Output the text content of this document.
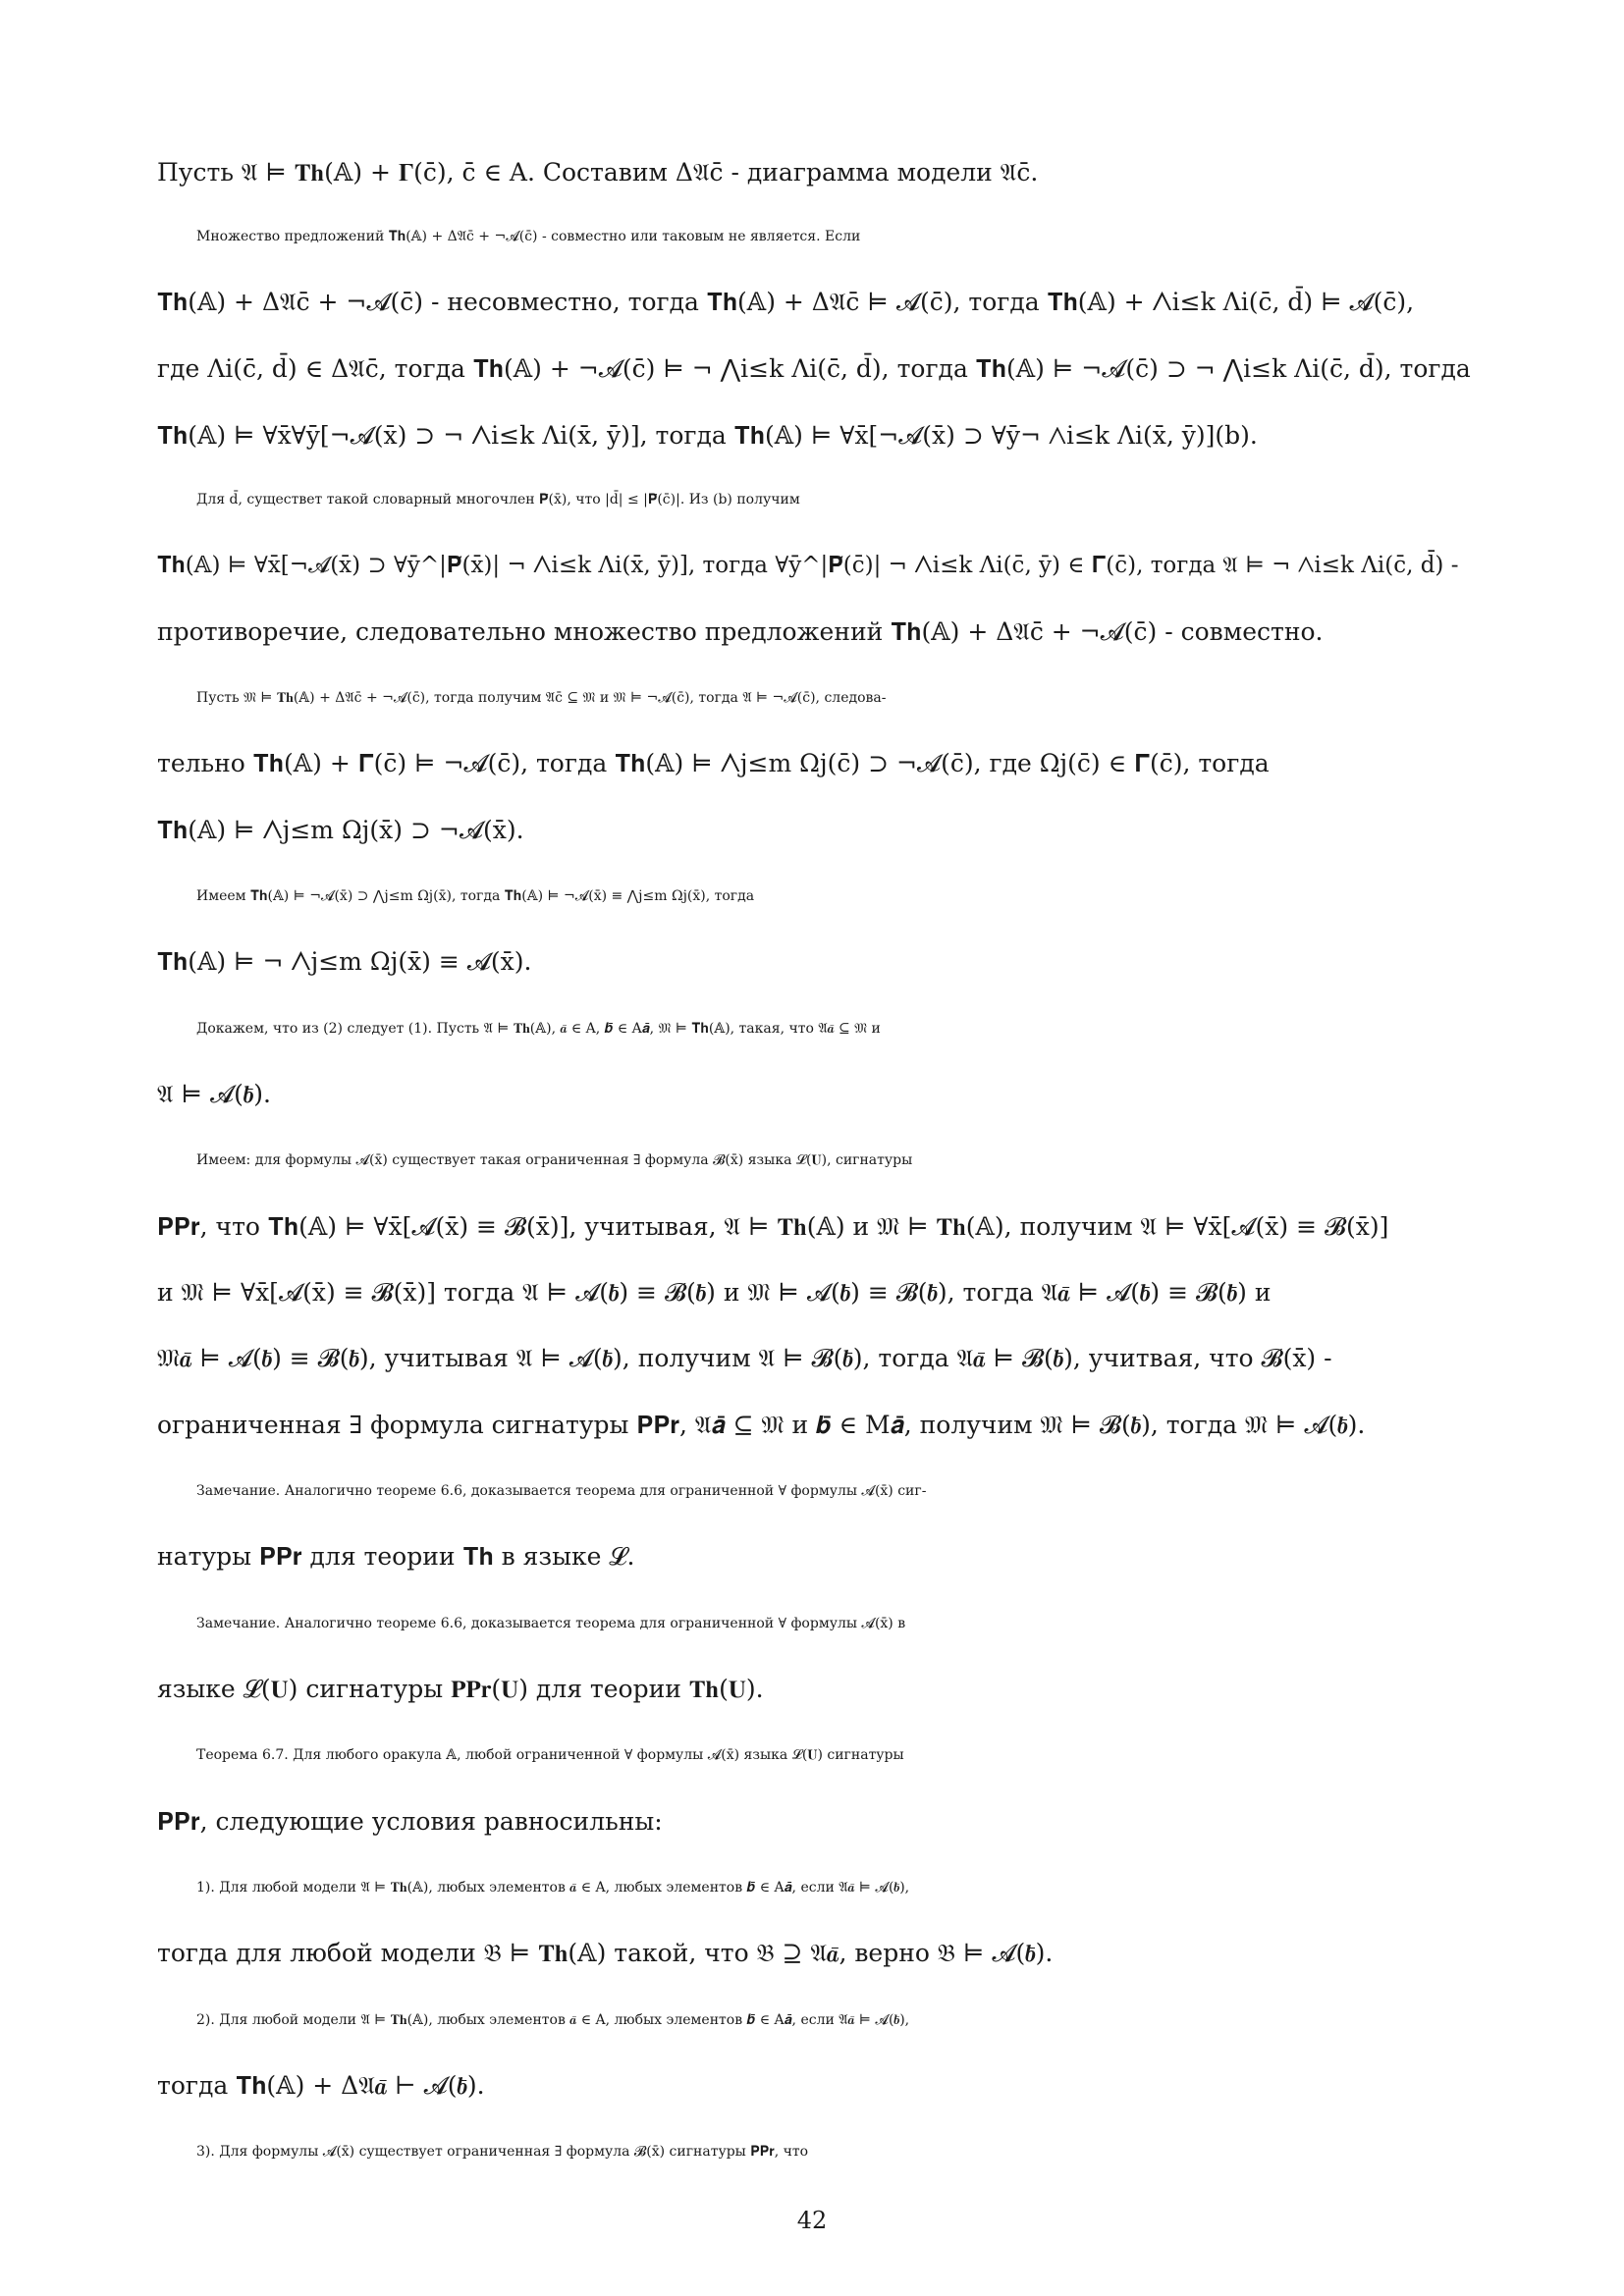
Пусть 𝔄 ⊨ 𝐓𝐡(𝔸) + 𝚪(c̄), c̄ ∈ A. Составим Δ𝔄c̄ - диаграмма модели 𝔄c̄.
Множество предложений 𝐓𝐡(𝔸) + Δ𝔄c̄ + ¬𝓐(c̄) - совместно или таковым не является. Если
𝐓𝐡(𝔸) + Δ𝔄c̄ + ¬𝓐(c̄) - несовместно, тогда 𝐓𝐡(𝔸) + Δ𝔄c̄ ⊨ 𝓐(c̄), тогда 𝐓𝐡(𝔸) + ⋀i≤k Λi(c̄, d̄) ⊨ 𝓐(c̄),
где Λi(c̄, d̄) ∈ Δ𝔄c̄, тогда 𝐓𝐡(𝔸) + ¬𝓐(c̄) ⊨ ¬ ⋀i≤k Λi(c̄, d̄), тогда 𝐓𝐡(𝔸) ⊨ ¬𝓐(c̄) ⊃ ¬ ⋀i≤k Λi(c̄, d̄), тогда
𝐓𝐡(𝔸) ⊨ ∀x̄∀ȳ[¬𝓐(x̄) ⊃ ¬ ⋀i≤k Λi(x̄, ȳ)], тогда 𝐓𝐡(𝔸) ⊨ ∀x̄[¬𝓐(x̄) ⊃ ∀ȳ¬ ⋀i≤k Λi(x̄, ȳ)](b).
Для d̄, существет такой словарный многочлен 𝐏̃(x̄), что |d̄| ≤ |𝐏̃(c̄)|. Из (b) получим
𝐓𝐡(𝔸) ⊨ ∀x̄[¬𝓐(x̄) ⊃ ∀ȳ^|𝐏̃(x̄)| ¬ ⋀i≤k Λi(x̄, ȳ)], тогда ∀ȳ^|𝐏̃(c̄)| ¬ ⋀i≤k Λi(c̄, ȳ) ∈ 𝚪(c̄), тогда 𝔄 ⊨ ¬ ⋀i≤k Λi(c̄, d̄) -
противоречие, следовательно множество предложений 𝐓𝐡(𝔸) + Δ𝔄c̄ + ¬𝓐(c̄) - совместно.
Пусть 𝔐 ⊨ 𝐓𝐡(𝔸) + Δ𝔄c̄ + ¬𝓐(c̄), тогда получим 𝔄c̄ ⊆ 𝔐 и 𝔐 ⊨ ¬𝓐(c̄), тогда 𝔄 ⊨ ¬𝓐(c̄), следова-
тельно 𝐓𝐡(𝔸) + 𝚪(c̄) ⊨ ¬𝓐(c̄), тогда 𝐓𝐡(𝔸) ⊨ ⋀j≤m Ωj(c̄) ⊃ ¬𝓐(c̄), где Ωj(c̄) ∈ 𝚪(c̄), тогда
𝐓𝐡(𝔸) ⊨ ⋀j≤m Ωj(x̄) ⊃ ¬𝓐(x̄).
Имеем 𝐓𝐡(𝔸) ⊨ ¬𝓐(x̄) ⊃ ⋀j≤m Ωj(x̄), тогда 𝐓𝐡(𝔸) ⊨ ¬𝓐(x̄) ≡ ⋀j≤m Ωj(x̄), тогда
𝐓𝐡(𝔸) ⊨ ¬ ⋀j≤m Ωj(x̄) ≡ 𝓐(x̄).
Докажем, что из (2) следует (1). Пусть 𝔄 ⊨ 𝐓𝐡(𝔸), 𝒂̄ ∈ A, 𝒃̄ ∈ A𝒂̄, 𝔐 ⊨ 𝐓𝐡(𝔸), такая, что 𝔄𝒂̄ ⊆ 𝔐 и
𝔄 ⊨ 𝓐(𝒃̄).
Имеем: для формулы 𝓐(x̄) существует такая ограниченная ∃ формула 𝓑(x̄) языка 𝓛(𝐔), сигнатуры
𝐏𝐏𝐫, что 𝐓𝐡(𝔸) ⊨ ∀x̄[𝓐(x̄) ≡ 𝓑(x̄)], учитывая, 𝔄 ⊨ 𝐓𝐡(𝔸) и 𝔐 ⊨ 𝐓𝐡(𝔸), получим 𝔄 ⊨ ∀x̄[𝓐(x̄) ≡ 𝓑(x̄)]
и 𝔐 ⊨ ∀x̄[𝓐(x̄) ≡ 𝓑(x̄)] тогда 𝔄 ⊨ 𝓐(𝒃̄) ≡ 𝓑(𝒃̄) и 𝔐 ⊨ 𝓐(𝒃̄) ≡ 𝓑(𝒃̄), тогда 𝔄𝒂̄ ⊨ 𝓐(𝒃̄) ≡ 𝓑(𝒃̄) и
𝔐𝒂̄ ⊨ 𝓐(𝒃̄) ≡ 𝓑(𝒃̄), учитывая 𝔄 ⊨ 𝓐(𝒃̄), получим 𝔄 ⊨ 𝓑(𝒃̄), тогда 𝔄𝒂̄ ⊨ 𝓑(𝒃̄), учитвая, что 𝓑(x̄) -
ограниченная ∃ формула сигнатуры 𝐏𝐏𝐫, 𝔄𝒂̄ ⊆ 𝔐 и 𝒃̄ ∈ M𝒂̄, получим 𝔐 ⊨ 𝓑(𝒃̄), тогда 𝔐 ⊨ 𝓐(𝒃̄).
Замечание. Аналогично теореме 6.6, доказывается теорема для ограниченной ∀ формулы 𝓐(x̄) сиг-
натуры 𝐏𝐏𝐫 для теории 𝐓𝐡 в языке 𝓛.
Замечание. Аналогично теореме 6.6, доказывается теорема для ограниченной ∀ формулы 𝓐(x̄) в
языке 𝓛(𝐔) сигнатуры 𝐏𝐏𝐫(𝐔) для теории 𝐓𝐡(𝐔).
Теорема 6.7. Для любого оракула 𝔸, любой ограниченной ∀ формулы 𝓐(x̄) языка 𝓛(𝐔) сигнатуры
𝐏𝐏𝐫, следующие условия равносильны:
1). Для любой модели 𝔄 ⊨ 𝐓𝐡(𝔸), любых элементов 𝒂̄ ∈ A, любых элементов 𝒃̄ ∈ A𝒂̄, если 𝔄𝒂̄ ⊨ 𝓐(𝒃̄),
тогда для любой модели 𝔅 ⊨ 𝐓𝐡(𝔸) такой, что 𝔅 ⊇ 𝔄𝒂̄, верно 𝔅 ⊨ 𝓐(𝒃̄).
2). Для любой модели 𝔄 ⊨ 𝐓𝐡(𝔸), любых элементов 𝒂̄ ∈ A, любых элементов 𝒃̄ ∈ A𝒂̄, если 𝔄𝒂̄ ⊨ 𝓐(𝒃̄),
тогда 𝐓𝐡(𝔸) + Δ𝔄𝒂̄ ⊢ 𝓐(𝒃̄).
3). Для формулы 𝓐(x̄) существует ограниченная ∃ формула 𝓑(x̄) сигнатуры 𝐏𝐏𝐫, что
42
